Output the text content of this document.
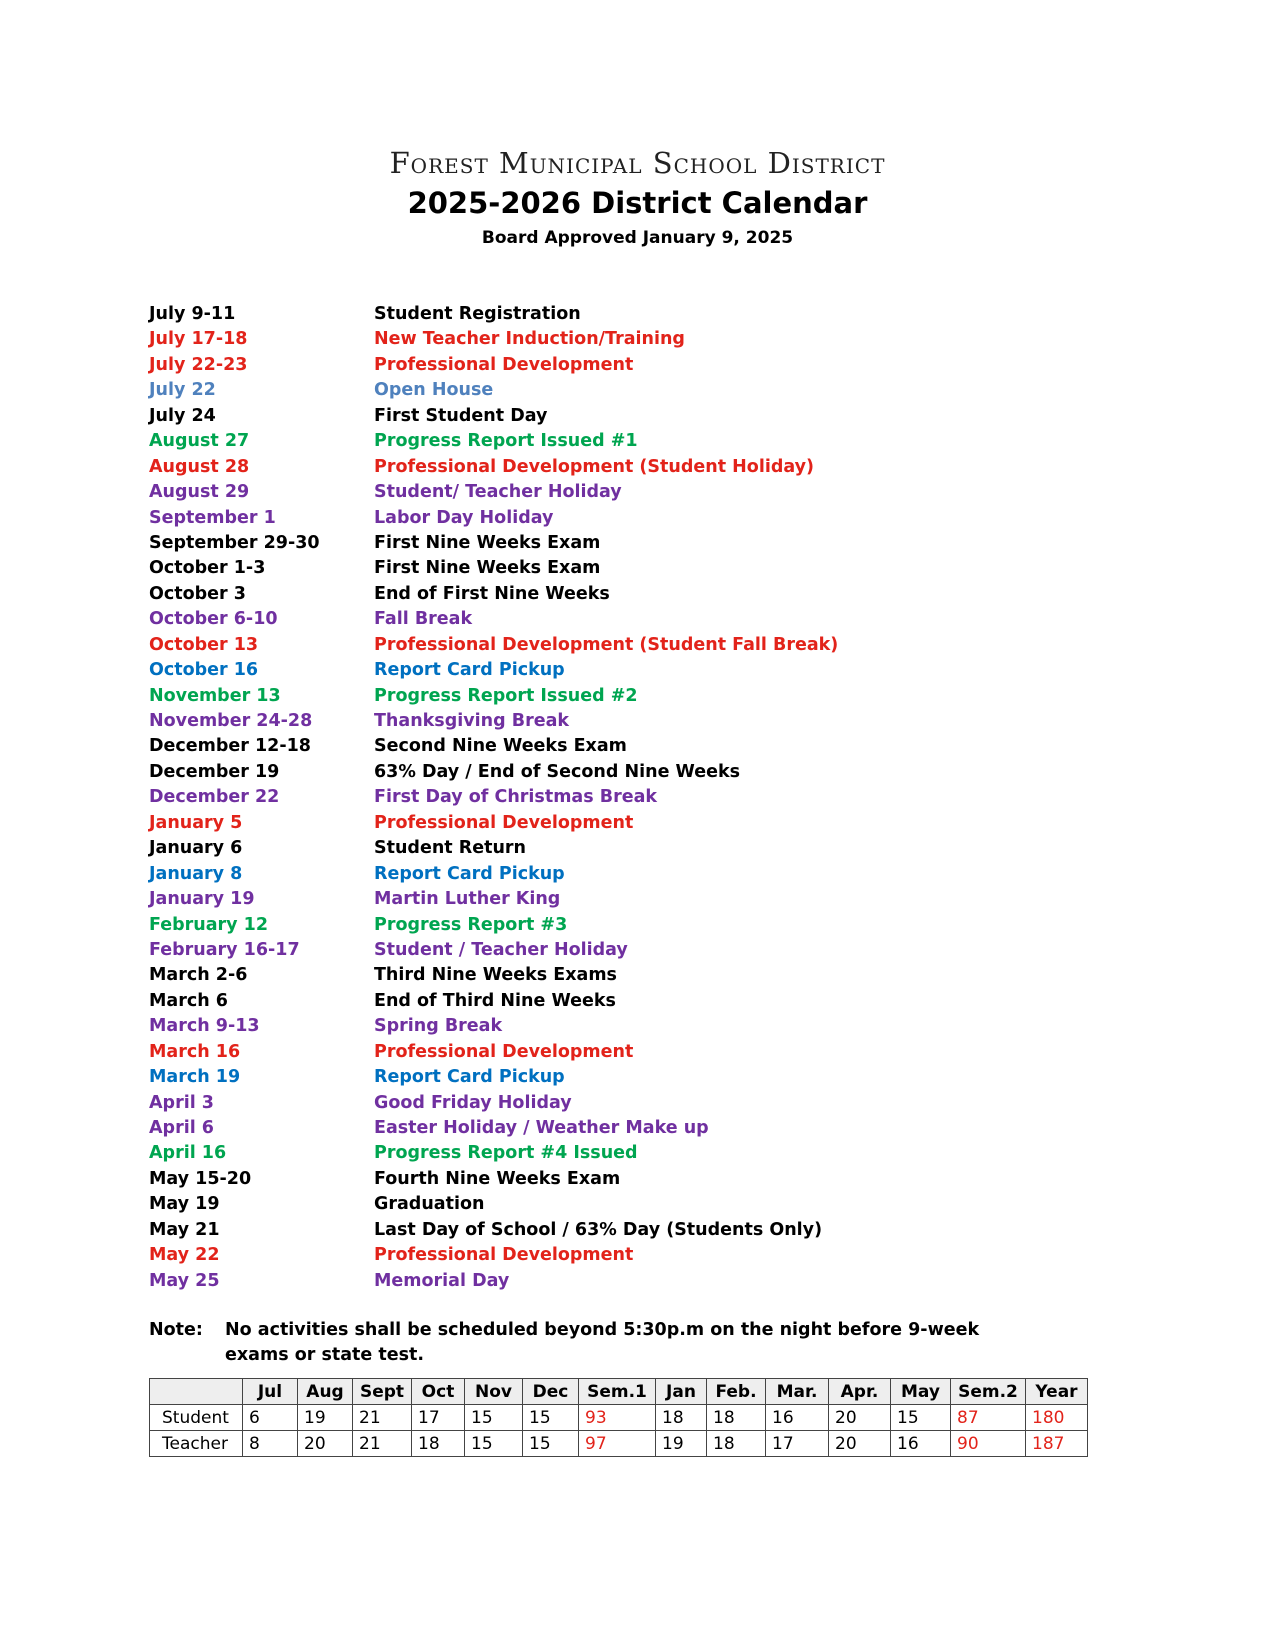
Forest Municipal School District
2025-2026 District Calendar
Board Approved January 9, 2025
July 9-11	Student Registration
July 17-18	New Teacher Induction/Training
July 22-23	Professional Development
July 22	Open House
July 24	First Student Day
August 27	Progress Report Issued #1
August 28	Professional Development (Student Holiday)
August 29	Student/ Teacher Holiday
September 1	Labor Day Holiday
September 29-30	First Nine Weeks Exam
October 1-3	First Nine Weeks Exam
October 3	End of First Nine Weeks
October 6-10	Fall Break
October 13	Professional Development (Student Fall Break)
October 16	Report Card Pickup
November 13	Progress Report Issued #2
November 24-28	Thanksgiving Break
December 12-18	Second Nine Weeks Exam
December 19	63% Day / End of Second Nine Weeks
December 22	First Day of Christmas Break
January 5	Professional Development
January 6	Student Return
January 8	Report Card Pickup
January 19	Martin Luther King
February 12	Progress Report #3
February 16-17	Student / Teacher Holiday
March 2-6	Third Nine Weeks Exams
March 6	End of Third Nine Weeks
March 9-13	Spring Break
March 16	Professional Development
March 19	Report Card Pickup
April 3	Good Friday Holiday
April 6	Easter Holiday / Weather Make up
April 16	Progress Report #4 Issued
May 15-20	Fourth Nine Weeks Exam
May 19	Graduation
May 21	Last Day of School / 63% Day (Students Only)
May 22	Professional Development
May 25	Memorial Day
Note: No activities shall be scheduled beyond 5:30p.m on the night before 9-week exams or state test.
	Jul	Aug	Sept	Oct	Nov	Dec	Sem.1	Jan	Feb.	Mar.	Apr.	May	Sem.2	Year
Student	6	19	21	17	15	15	93	18	18	16	20	15	87	180
Teacher	8	20	21	18	15	15	97	19	18	17	20	16	90	187
